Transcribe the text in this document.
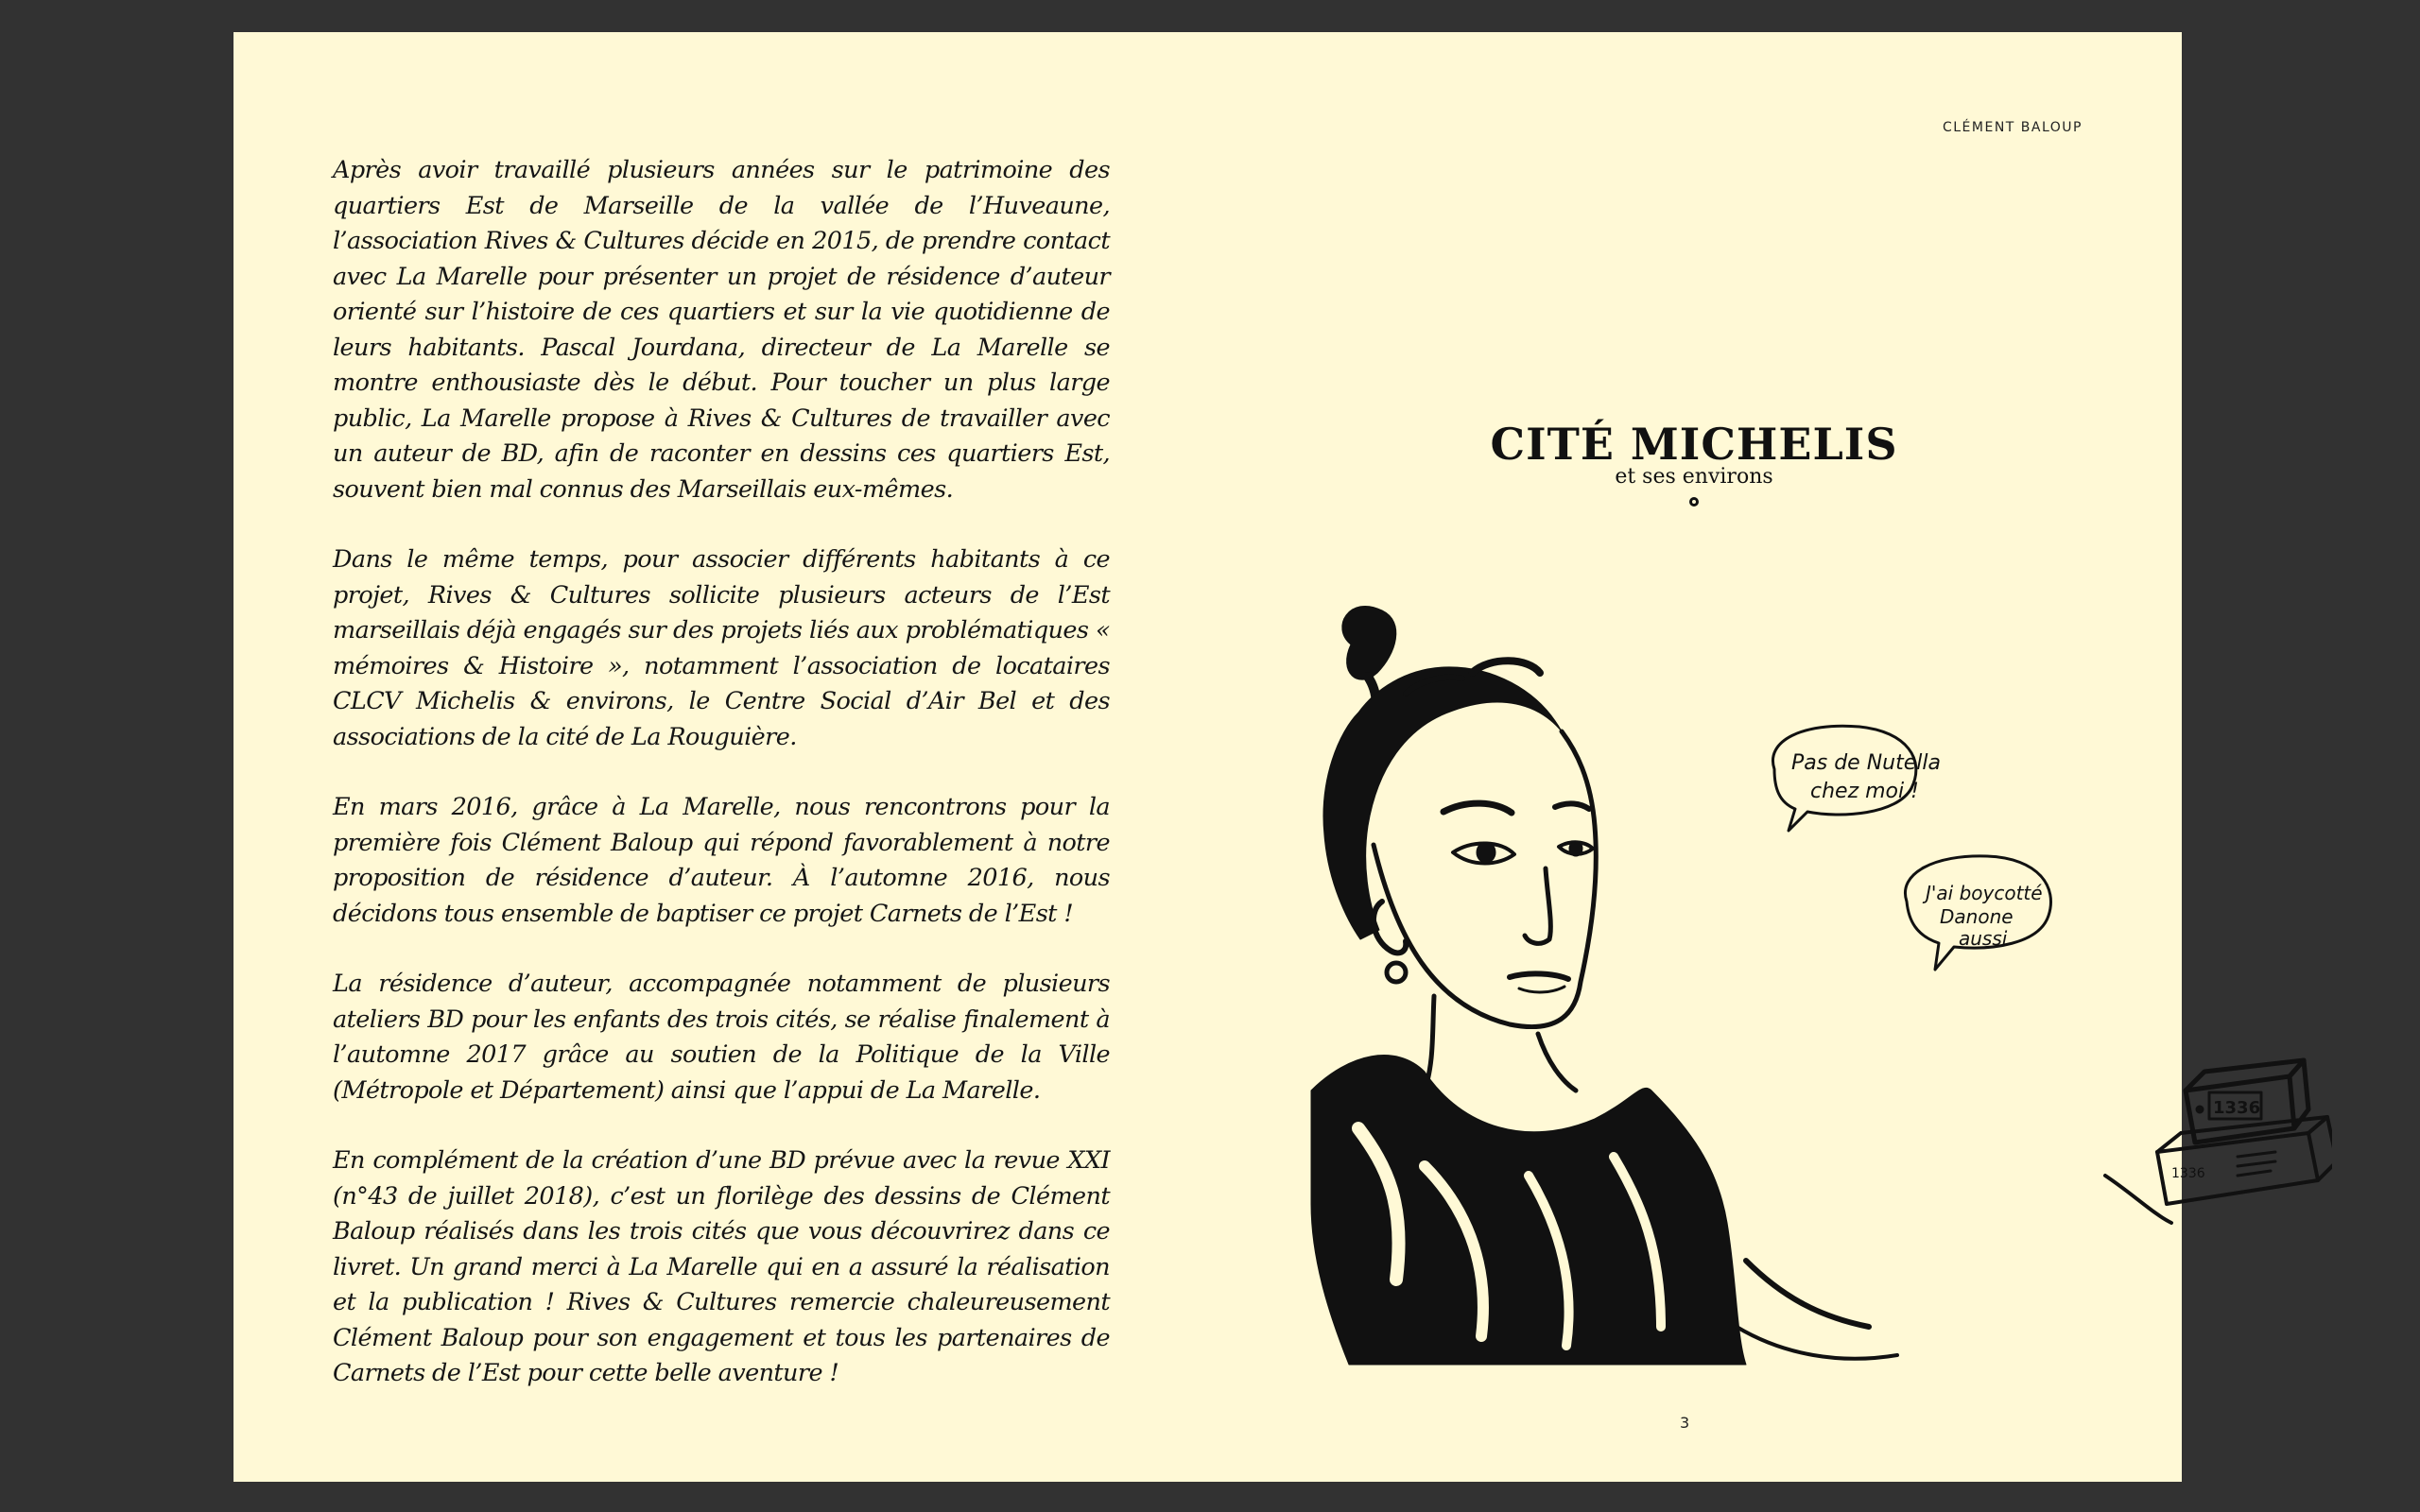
Après avoir travaillé plusieurs années sur le patrimoine des quartiers Est de Marseille de la vallée de l’Huveaune, l’association Rives & Cultures décide en 2015, de prendre contact avec La Marelle pour présenter un projet de résidence d’auteur orienté sur l’histoire de ces quartiers et sur la vie quotidienne de leurs habitants. Pascal Jourdana, directeur de La Marelle se montre enthousiaste dès le début. Pour toucher un plus large public, La Marelle propose à Rives & Cultures de travailler avec un auteur de BD, afin de raconter en dessins ces quartiers Est, souvent bien mal connus des Marseillais eux-mêmes.

Dans le même temps, pour associer différents habitants à ce projet, Rives & Cultures sollicite plusieurs acteurs de l’Est marseillais déjà engagés sur des projets liés aux problématiques « mémoires & Histoire », notamment l’association de locataires CLCV Michelis & environs, le Centre Social d’Air Bel et des associations de la cité de La Rouguière.

En mars 2016, grâce à La Marelle, nous rencontrons pour la première fois Clément Baloup qui répond favorablement à notre proposition de résidence d’auteur. À l’automne 2016, nous décidons tous ensemble de baptiser ce projet Carnets de l’Est !

La résidence d’auteur, accompagnée notamment de plusieurs ateliers BD pour les enfants des trois cités, se réalise finalement à l’automne 2017 grâce au soutien de la Politique de la Ville (Métropole et Département) ainsi que l’appui de La Marelle.

En complément de la création d’une BD prévue avec la revue XXI (n°43 de juillet 2018), c’est un florilège des dessins de Clément Baloup réalisés dans les trois cités que vous découvrirez dans ce livret. Un grand merci à La Marelle qui en a assuré la réalisation et la publication ! Rives & Cultures remercie chaleureusement Clément Baloup pour son engagement et tous les partenaires de Carnets de l’Est pour cette belle aventure !

CLÉMENT BALOUP
CITÉ MICHELIS
et ses environs
Pas de Nutella
chez moi !
J'ai boycotté
Danone
aussi.
1336
1336
3
